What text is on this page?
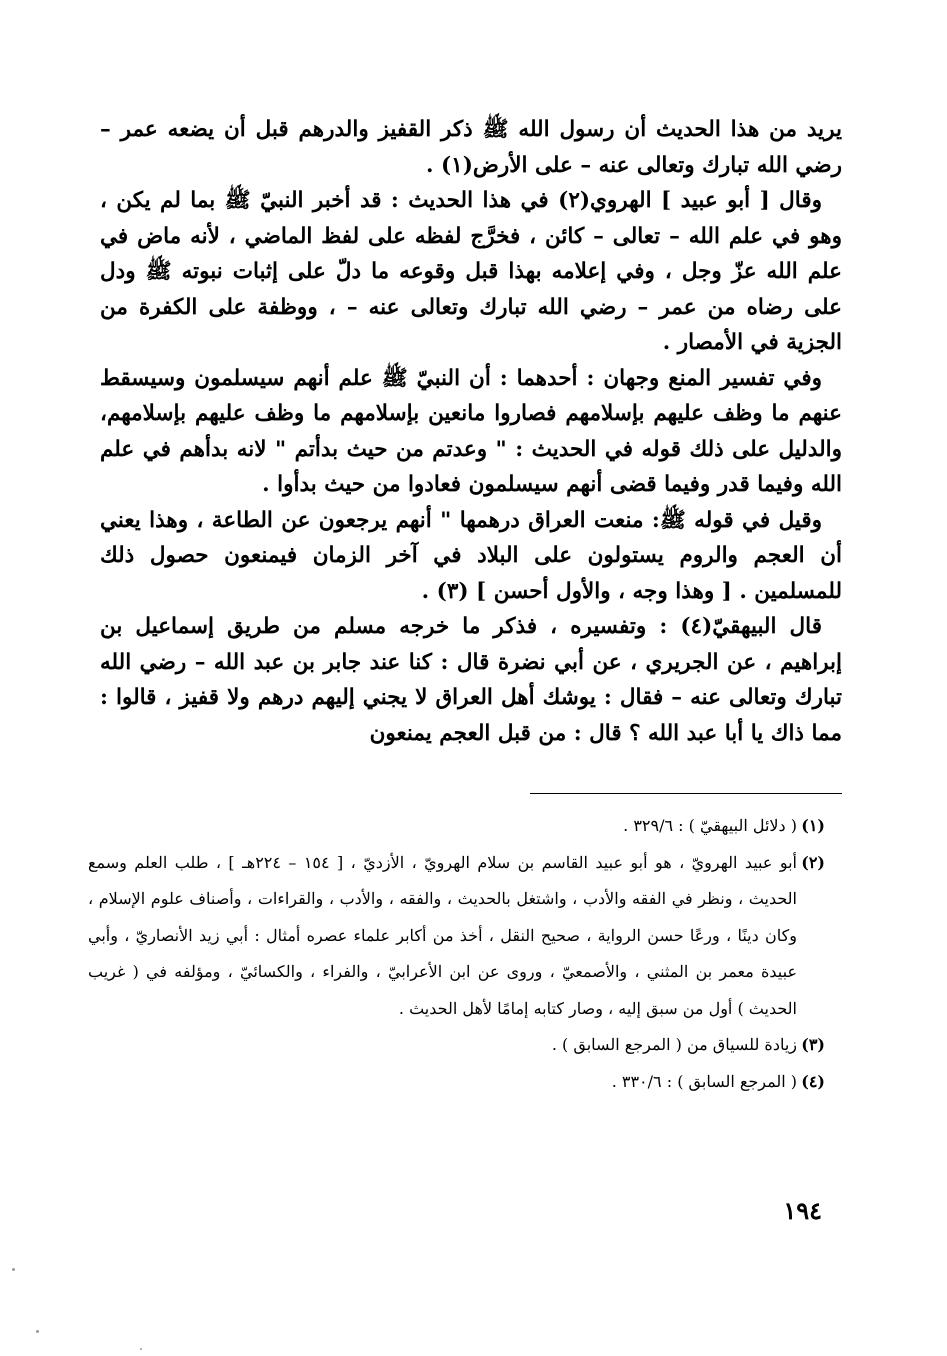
يريد من هذا الحديث أن رسول الله ﷺ ذكر القفيز والدرهم قبل أن يضعه عمر – رضي الله تبارك وتعالى عنه – على الأرض(١) .

وقال [ أبو عبيد ] الهروي(٢) في هذا الحديث : قد أخبر النبيّ ﷺ بما لم يكن ، وهو في علم الله – تعالى – كائن ، فخرَّج لفظه على لفظ الماضي ، لأنه ماض في علم الله عزّ وجل ، وفي إعلامه بهذا قبل وقوعه ما دلّ على إثبات نبوته ﷺ ودل على رضاه من عمر – رضي الله تبارك وتعالى عنه – ، ووظفة على الكفرة من الجزية في الأمصار .

وفي تفسير المنع وجهان : أحدهما : أن النبيّ ﷺ علم أنهم سيسلمون وسيسقط عنهم ما وظف عليهم بإسلامهم فصاروا مانعين بإسلامهم ما وظف عليهم بإسلامهم، والدليل على ذلك قوله في الحديث : " وعدتم من حيث بدأتم " لانه بدأهم في علم الله وفيما قدر وفيما قضى أنهم سيسلمون فعادوا من حيث بدأوا .

وقيل في قوله ﷺ: منعت العراق درهمها " أنهم يرجعون عن الطاعة ، وهذا يعني أن العجم والروم يستولون على البلاد في آخر الزمان فيمنعون حصول ذلك للمسلمين . [ وهذا وجه ، والأول أحسن ] (٣) .

قال البيهقيّ(٤) : وتفسيره ، فذكر ما خرجه مسلم من طريق إسماعيل بن إبراهيم ، عن الجريري ، عن أبي نضرة قال : كنا عند جابر بن عبد الله – رضي الله تبارك وتعالى عنه – فقال : يوشك أهل العراق لا يجني إليهم درهم ولا قفيز ، قالوا : مما ذاك يا أبا عبد الله ؟ قال : من قبل العجم يمنعون

(١)
( دلائل البيهقيّ ) : ٣٢٩/٦ .
(٢)
أبو عبيد الهرويّ ، هو أبو عبيد القاسم بن سلام الهرويّ ، الأزديّ ، [ ١٥٤ – ٢٢٤هـ ] ، طلب العلم وسمع الحديث ، ونظر في الفقه والأدب ، واشتغل بالحديث ، والفقه ، والأدب ، والقراءات ، وأصناف علوم الإسلام ، وكان دينًا ، ورعًا حسن الرواية ، صحيح النقل ، أخذ من أكابر علماء عصره أمثال : أبي زيد الأنصاريّ ، وأبي عبيدة معمر بن المثني ، والأصمعيّ ، وروى عن ابن الأعرابيّ ، والفراء ، والكسائيّ ، ومؤلفه في ( غريب الحديث ) أول من سبق إليه ، وصار كتابه إمامًا لأهل الحديث .
(٣)
زيادة للسياق من ( المرجع السابق ) .
(٤)
( المرجع السابق ) : ٣٣٠/٦ .
١٩٤
